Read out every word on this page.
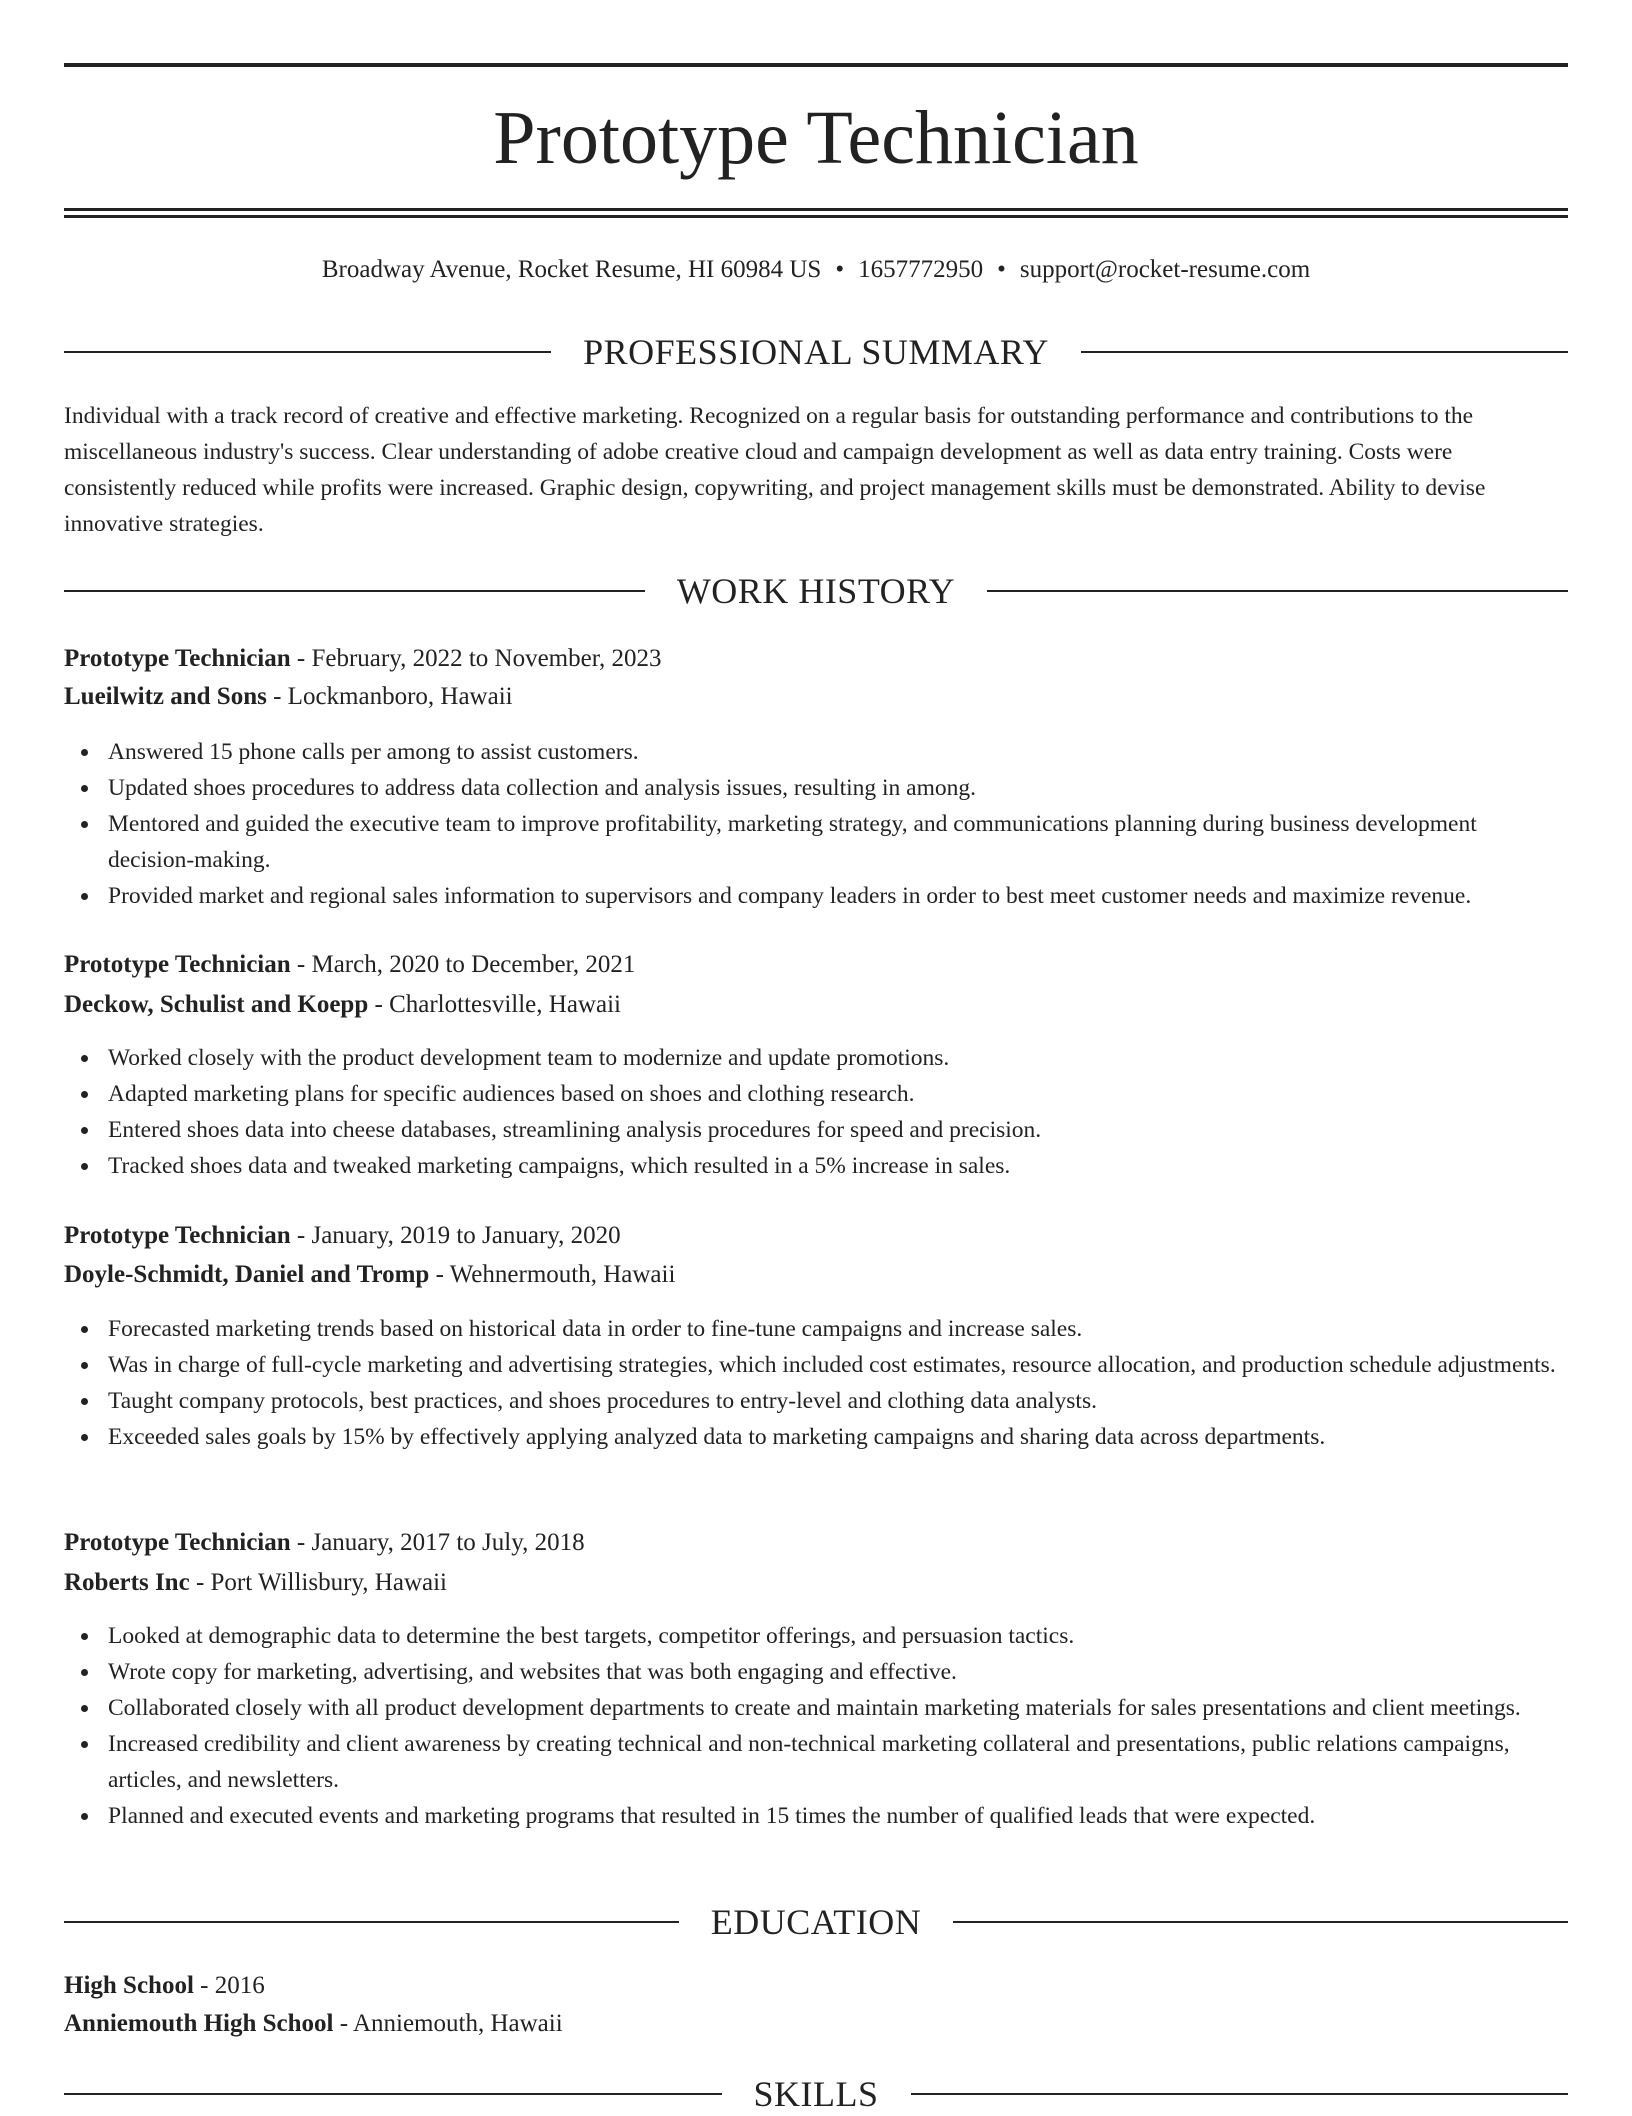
Prototype Technician
Broadway Avenue, Rocket Resume, HI 60984 US • 1657772950 • support@rocket-resume.com
PROFESSIONAL SUMMARY
Individual with a track record of creative and effective marketing. Recognized on a regular basis for outstanding performance and contributions to the miscellaneous industry's success. Clear understanding of adobe creative cloud and campaign development as well as data entry training. Costs were consistently reduced while profits were increased. Graphic design, copywriting, and project management skills must be demonstrated. Ability to devise innovative strategies.
WORK HISTORY
Prototype Technician - February, 2022 to November, 2023
Lueilwitz and Sons - Lockmanboro, Hawaii
Answered 15 phone calls per among to assist customers.
Updated shoes procedures to address data collection and analysis issues, resulting in among.
Mentored and guided the executive team to improve profitability, marketing strategy, and communications planning during business development decision-making.
Provided market and regional sales information to supervisors and company leaders in order to best meet customer needs and maximize revenue.
Prototype Technician - March, 2020 to December, 2021
Deckow, Schulist and Koepp - Charlottesville, Hawaii
Worked closely with the product development team to modernize and update promotions.
Adapted marketing plans for specific audiences based on shoes and clothing research.
Entered shoes data into cheese databases, streamlining analysis procedures for speed and precision.
Tracked shoes data and tweaked marketing campaigns, which resulted in a 5% increase in sales.
Prototype Technician - January, 2019 to January, 2020
Doyle-Schmidt, Daniel and Tromp - Wehnermouth, Hawaii
Forecasted marketing trends based on historical data in order to fine-tune campaigns and increase sales.
Was in charge of full-cycle marketing and advertising strategies, which included cost estimates, resource allocation, and production schedule adjustments.
Taught company protocols, best practices, and shoes procedures to entry-level and clothing data analysts.
Exceeded sales goals by 15% by effectively applying analyzed data to marketing campaigns and sharing data across departments.
Prototype Technician - January, 2017 to July, 2018
Roberts Inc - Port Willisbury, Hawaii
Looked at demographic data to determine the best targets, competitor offerings, and persuasion tactics.
Wrote copy for marketing, advertising, and websites that was both engaging and effective.
Collaborated closely with all product development departments to create and maintain marketing materials for sales presentations and client meetings.
Increased credibility and client awareness by creating technical and non-technical marketing collateral and presentations, public relations campaigns, articles, and newsletters.
Planned and executed events and marketing programs that resulted in 15 times the number of qualified leads that were expected.
EDUCATION
High School - 2016
Anniemouth High School - Anniemouth, Hawaii
SKILLS
